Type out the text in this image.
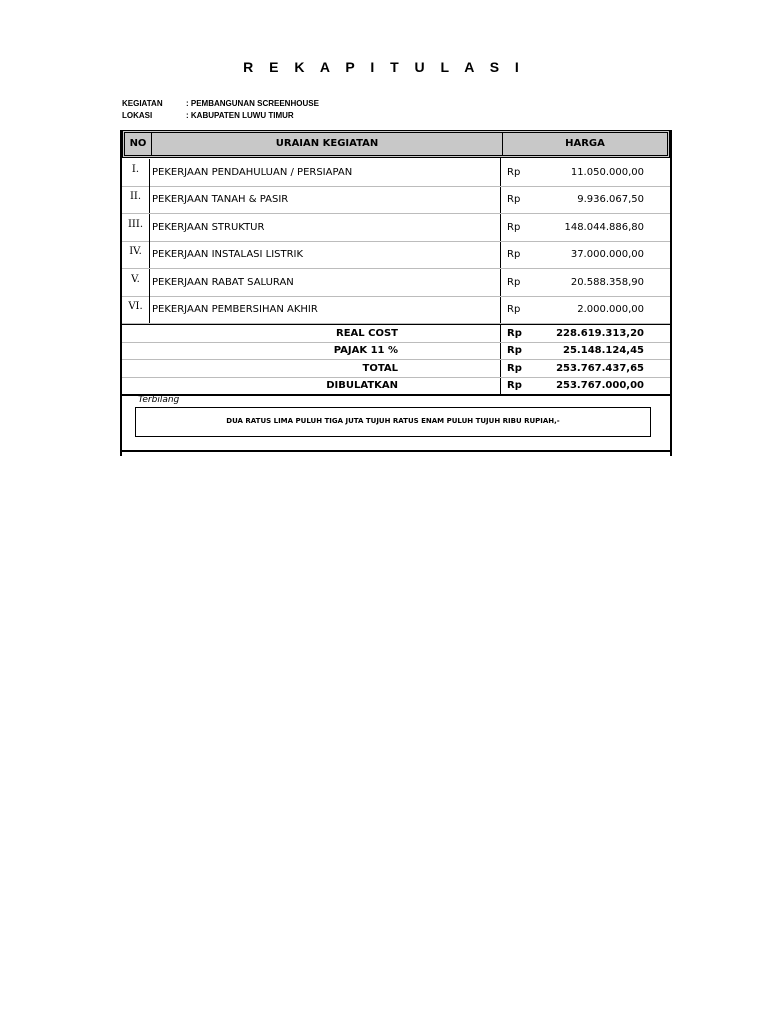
R E K A P I T U L A S I
KEGIATAN	: PEMBANGUNAN SCREENHOUSE
LOKASI	: KABUPATEN LUWU TIMUR
NO	URAIAN KEGIATAN	HARGA
I.	PEKERJAAN PENDAHULUAN / PERSIAPAN	Rp	11.050.000,00
II.	PEKERJAAN TANAH & PASIR	Rp	9.936.067,50
III. PEKERJAAN STRUKTUR	Rp	148.044.886,80
IV.	PEKERJAAN INSTALASI LISTRIK	Rp	37.000.000,00
V.	PEKERJAAN RABAT SALURAN	Rp	20.588.358,90
VI. PEKERJAAN PEMBERSIHAN AKHIR	Rp	2.000.000,00
REAL COST	Rp	228.619.313,20
PAJAK 11 %	Rp	25.148.124,45
TOTAL	Rp	253.767.437,65
DIBULATKAN	Rp	253.767.000,00
Terbilang
DUA RATUS LIMA PULUH TIGA JUTA TUJUH RATUS ENAM PULUH TUJUH RIBU RUPIAH,-
